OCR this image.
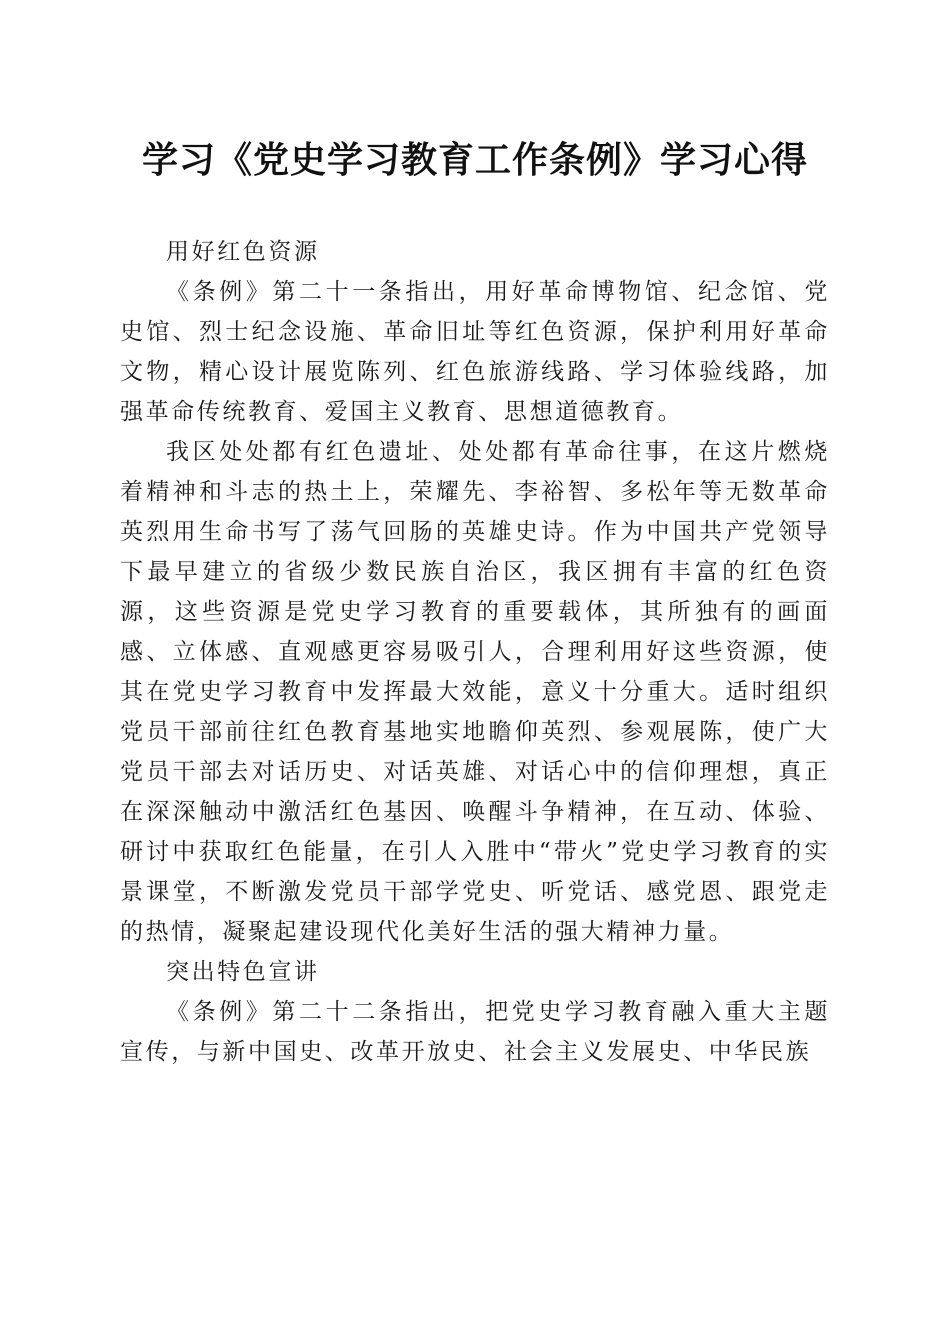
学习《党史学习教育工作条例》学习心得

用好红色资源

《条例》第二十一条指出，用好革命博物馆、纪念馆、党史馆、烈士纪念设施、革命旧址等红色资源，保护利用好革命文物，精心设计展览陈列、红色旅游线路、学习体验线路，加强革命传统教育、爱国主义教育、思想道德教育。

我区处处都有红色遗址、处处都有革命往事，在这片燃烧着精神和斗志的热土上，荣耀先、李裕智、多松年等无数革命英烈用生命书写了荡气回肠的英雄史诗。作为中国共产党领导下最早建立的省级少数民族自治区，我区拥有丰富的红色资源，这些资源是党史学习教育的重要载体，其所独有的画面感、立体感、直观感更容易吸引人，合理利用好这些资源，使其在党史学习教育中发挥最大效能，意义十分重大。适时组织党员干部前往红色教育基地实地瞻仰英烈、参观展陈，使广大党员干部去对话历史、对话英雄、对话心中的信仰理想，真正在深深触动中激活红色基因、唤醒斗争精神，在互动、体验、研讨中获取红色能量，在引人入胜中“带火”党史学习教育的实景课堂，不断激发党员干部学党史、听党话、感党恩、跟党走的热情，凝聚起建设现代化美好生活的强大精神力量。

突出特色宣讲

《条例》第二十二条指出，把党史学习教育融入重大主题宣传，与新中国史、改革开放史、社会主义发展史、中华民族
